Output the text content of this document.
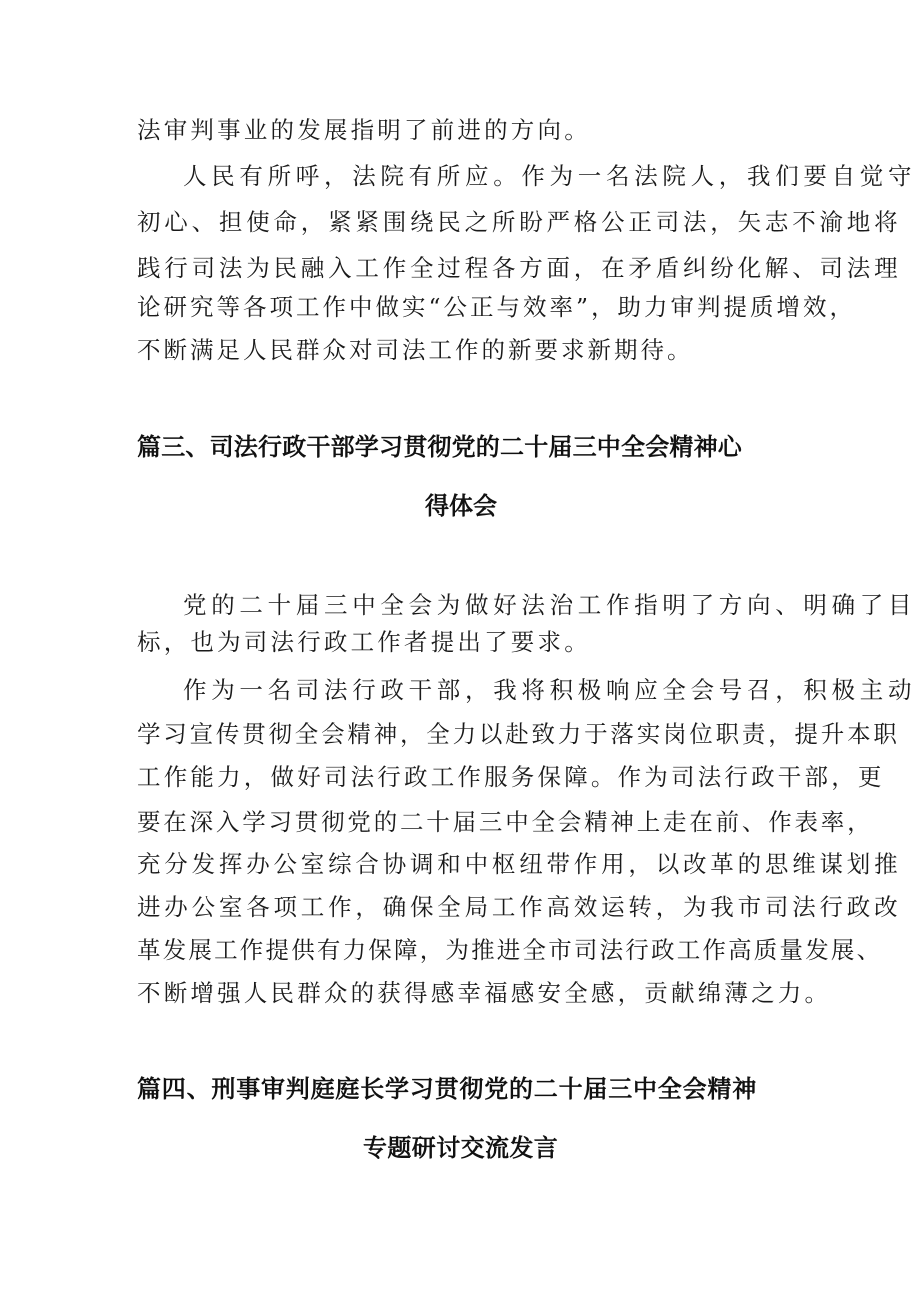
法审判事业的发展指明了前进的方向。

人民有所呼，法院有所应。作为一名法院人，我们要自觉守

初心、担使命，紧紧围绕民之所盼严格公正司法，矢志不渝地将

践行司法为民融入工作全过程各方面，在矛盾纠纷化解、司法理

论研究等各项工作中做实“公正与效率”，助力审判提质增效，

不断满足人民群众对司法工作的新要求新期待。

篇三、司法行政干部学习贯彻党的二十届三中全会精神心
得体会

党的二十届三中全会为做好法治工作指明了方向、明确了目

标，也为司法行政工作者提出了要求。

作为一名司法行政干部，我将积极响应全会号召，积极主动

学习宣传贯彻全会精神，全力以赴致力于落实岗位职责，提升本职

工作能力，做好司法行政工作服务保障。作为司法行政干部，更

要在深入学习贯彻党的二十届三中全会精神上走在前、作表率，

充分发挥办公室综合协调和中枢纽带作用，以改革的思维谋划推

进办公室各项工作，确保全局工作高效运转，为我市司法行政改

革发展工作提供有力保障，为推进全市司法行政工作高质量发展、

不断增强人民群众的获得感幸福感安全感，贡献绵薄之力。

篇四、刑事审判庭庭长学习贯彻党的二十届三中全会精神
专题研讨交流发言
